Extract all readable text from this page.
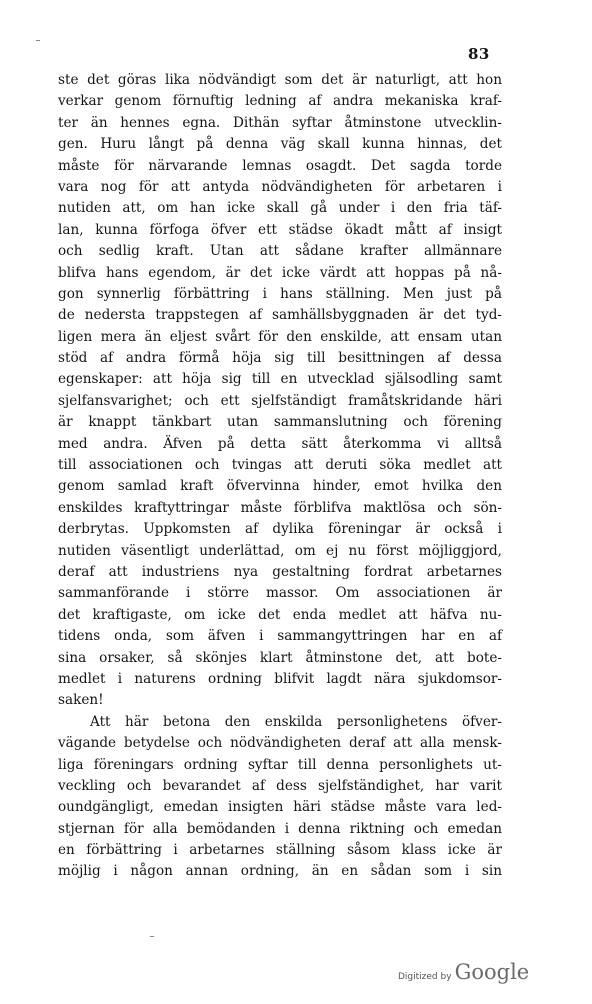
83
ste det göras lika nödvändigt som det är naturligt, att hon
verkar genom förnuftig ledning af andra mekaniska kraf-
ter än hennes egna. Dithän syftar åtminstone utvecklin-
gen. Huru långt på denna väg skall kunna hinnas, det
måste för närvarande lemnas osagdt. Det sagda torde
vara nog för att antyda nödvändigheten för arbetaren i
nutiden att, om han icke skall gå under i den fria täf-
lan, kunna förfoga öfver ett städse ökadt mått af insigt
och sedlig kraft. Utan att sådane krafter allmännare
blifva hans egendom, är det icke värdt att hoppas på nå-
gon synnerlig förbättring i hans ställning. Men just på
de nedersta trappstegen af samhällsbyggnaden är det tyd-
ligen mera än eljest svårt för den enskilde, att ensam utan
stöd af andra förmå höja sig till besittningen af dessa
egenskaper: att höja sig till en utvecklad själsodling samt
sjelfansvarighet; och ett sjelfständigt framåtskridande häri
är knappt tänkbart utan sammanslutning och förening
med andra. Äfven på detta sätt återkomma vi alltså
till associationen och tvingas att deruti söka medlet att
genom samlad kraft öfvervinna hinder, emot hvilka den
enskildes kraftyttringar måste förblifva maktlösa och sön-
derbrytas. Uppkomsten af dylika föreningar är också i
nutiden väsentligt underlättad, om ej nu först möjliggjord,
deraf att industriens nya gestaltning fordrat arbetarnes
sammanförande i större massor. Om associationen är
det kraftigaste, om icke det enda medlet att häfva nu-
tidens onda, som äfven i sammangyttringen har en af
sina orsaker, så skönjes klart åtminstone det, att bote-
medlet i naturens ordning blifvit lagdt nära sjukdomsor-
saken!
Att här betona den enskilda personlighetens öfver-
vägande betydelse och nödvändigheten deraf att alla mensk-
liga föreningars ordning syftar till denna personlighets ut-
veckling och bevarandet af dess sjelfständighet, har varit
oundgängligt, emedan insigten häri städse måste vara led-
stjernan för alla bemödanden i denna riktning och emedan
en förbättring i arbetarnes ställning såsom klass icke är
möjlig i någon annan ordning, än en sådan som i sin
Digitized by Google
